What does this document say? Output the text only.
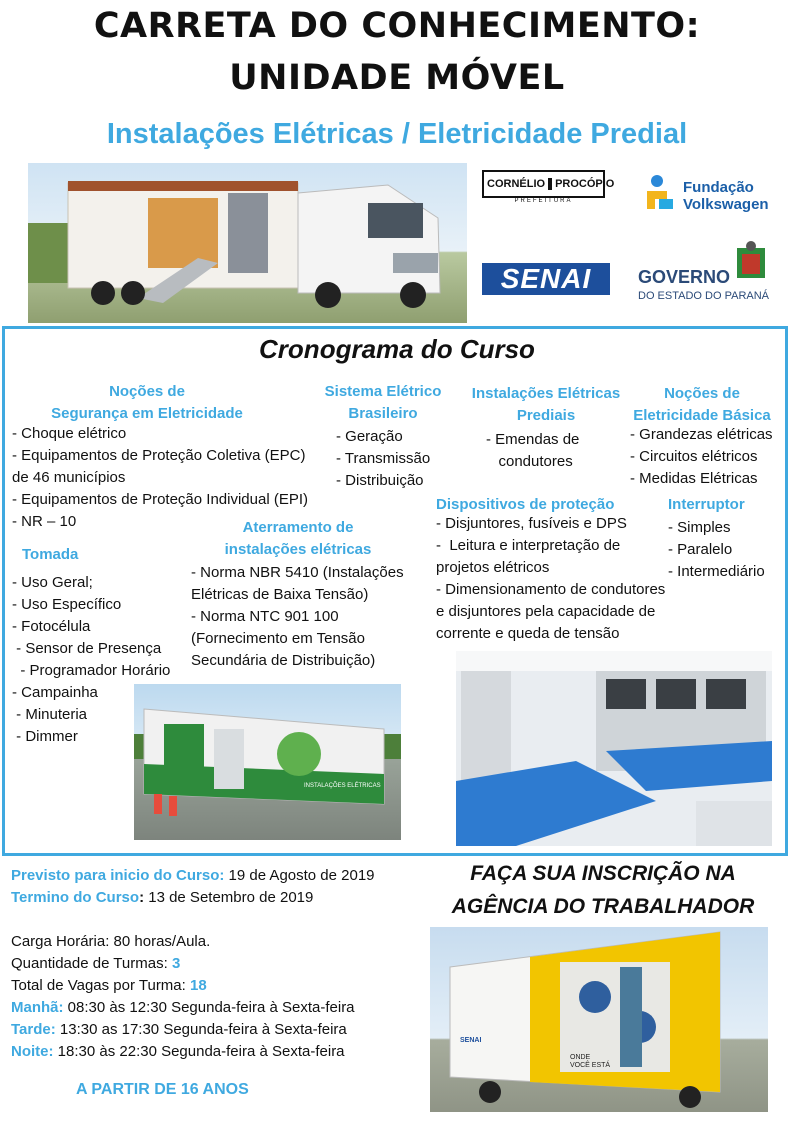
CARRETA DO CONHECIMENTO:
UNIDADE MÓVEL
Instalações Elétricas / Eletricidade Predial
CORNÉLIO PROCÓPIO
PREFEITURA
Fundação
Volkswagen
SENAI	GOVERNO
DO ESTADO DO PARANÁ
Cronograma do Curso
Noções de
Segurança em Eletricidade
- Choque elétrico
- Equipamentos de Proteção Coletiva (EPC)
de 46 municípios
- Equipamentos de Proteção Individual (EPI)
- NR – 10
Sistema Elétrico
Brasileiro
- Geração
- Transmissão
- Distribuição
Instalações Elétricas
Prediais
- Emendas de
condutores
Noções de
Eletricidade Básica
- Grandezas elétricas
- Circuitos elétricos
- Medidas Elétricas
Dispositivos de proteção
- Disjuntores, fusíveis e DPS
-  Leitura e interpretação de
projetos elétricos
- Dimensionamento de condutores
e disjuntores pela capacidade de
corrente e queda de tensão
Interruptor
- Simples
- Paralelo
- Intermediário
Aterramento de
instalações elétricas
- Norma NBR 5410 (Instalações
Elétricas de Baixa Tensão)
- Norma NTC 901 100
(Fornecimento em Tensão
Secundária de Distribuição)
Tomada
- Uso Geral;
- Uso Específico
- Fotocélula
- Sensor de Presença
- Programador Horário
- Campainha
- Minuteria
- Dimmer
INSTALAÇÕES ELÉTRICAS
Previsto para inicio do Curso: 19 de Agosto de 2019
Termino do Curso: 13 de Setembro de 2019
Carga Horária: 80 horas/Aula.
Quantidade de Turmas: 3
Total de Vagas por Turma: 18
Manhã: 08:30 às 12:30 Segunda-feira à Sexta-feira
Tarde: 13:30 as 17:30 Segunda-feira à Sexta-feira
Noite: 18:30 às 22:30 Segunda-feira à Sexta-feira
A PARTIR DE 16 ANOS
FAÇA SUA INSCRIÇÃO NA
AGÊNCIA DO TRABALHADOR
ONDE
VOCÊ ESTÁ
SENAI
